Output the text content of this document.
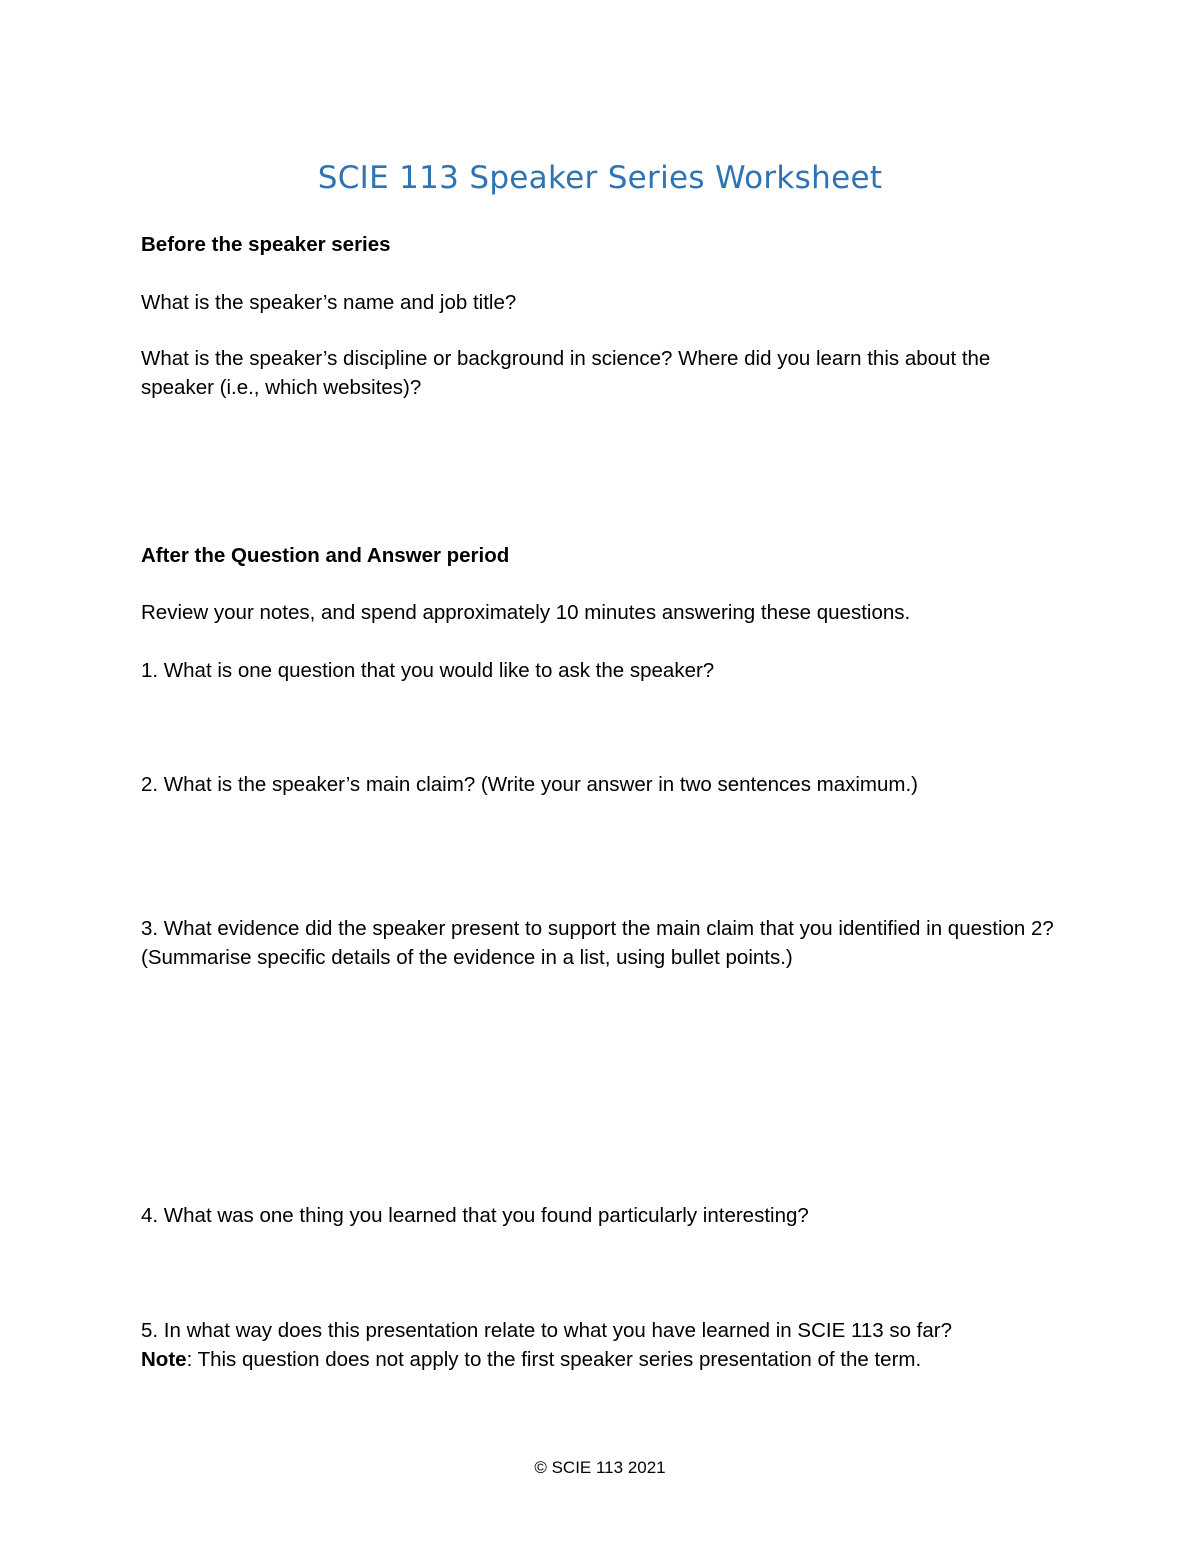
SCIE 113 Speaker Series Worksheet
Before the speaker series
What is the speaker’s name and job title?
What is the speaker’s discipline or background in science? Where did you learn this about the speaker (i.e., which websites)?
After the Question and Answer period
Review your notes, and spend approximately 10 minutes answering these questions.
1. What is one question that you would like to ask the speaker?
2. What is the speaker’s main claim? (Write your answer in two sentences maximum.)
3. What evidence did the speaker present to support the main claim that you identified in question 2? (Summarise specific details of the evidence in a list, using bullet points.)
4. What was one thing you learned that you found particularly interesting?
5. In what way does this presentation relate to what you have learned in SCIE 113 so far?
Note: This question does not apply to the first speaker series presentation of the term.
© SCIE 113 2021
